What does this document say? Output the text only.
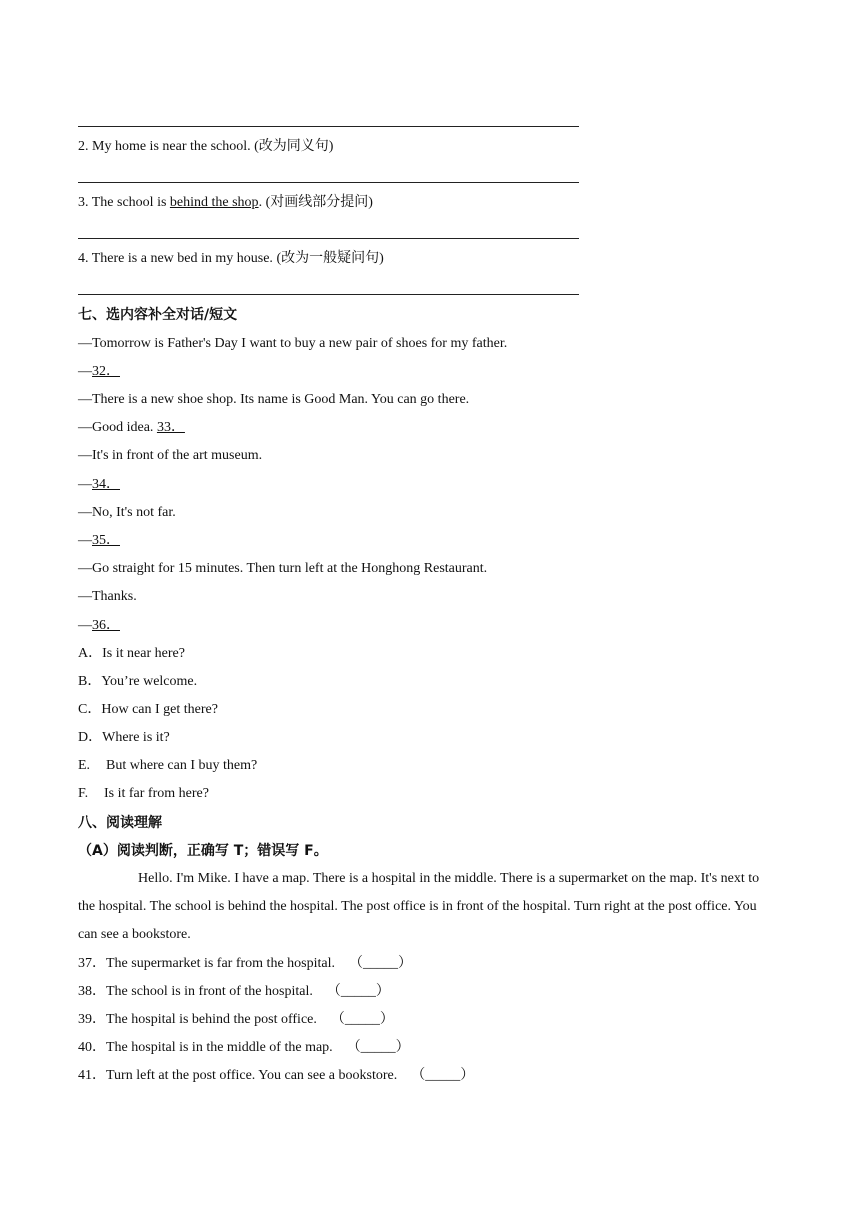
2. My home is near the school. (改为同义句)
3. The school is behind the shop. (对画线部分提问)
4. There is a new bed in my house. (改为一般疑问句)
七、选内容补全对话/短文
—Tomorrow is Father's Day I want to buy a new pair of shoes for my father.
—32．
—There is a new shoe shop. Its name is Good Man. You can go there.
—Good idea. 33．
—It's in front of the art museum.
—34．
—No, It's not far.
—35．
—Go straight for 15 minutes. Then turn left at the Honghong Restaurant.
—Thanks.
—36．
A．Is it near here?
B．You’re welcome.
C．How can I get there?
D．Where is it?
E. But where can I buy them?
F. Is it far from here?
八、阅读理解
（A）阅读判断，正确写 T；错误写 F。
Hello. I'm Mike. I have a map. There is a hospital in the middle. There is a supermarket on the map. It's next to the hospital. The school is behind the hospital. The post office is in front of the hospital. Turn right at the post office. You can see a bookstore.
37．The supermarket is far from the hospital. （_____）
38．The school is in front of the hospital. （_____）
39．The hospital is behind the post office. （_____）
40．The hospital is in the middle of the map. （_____）
41．Turn left at the post office. You can see a bookstore. （_____）
